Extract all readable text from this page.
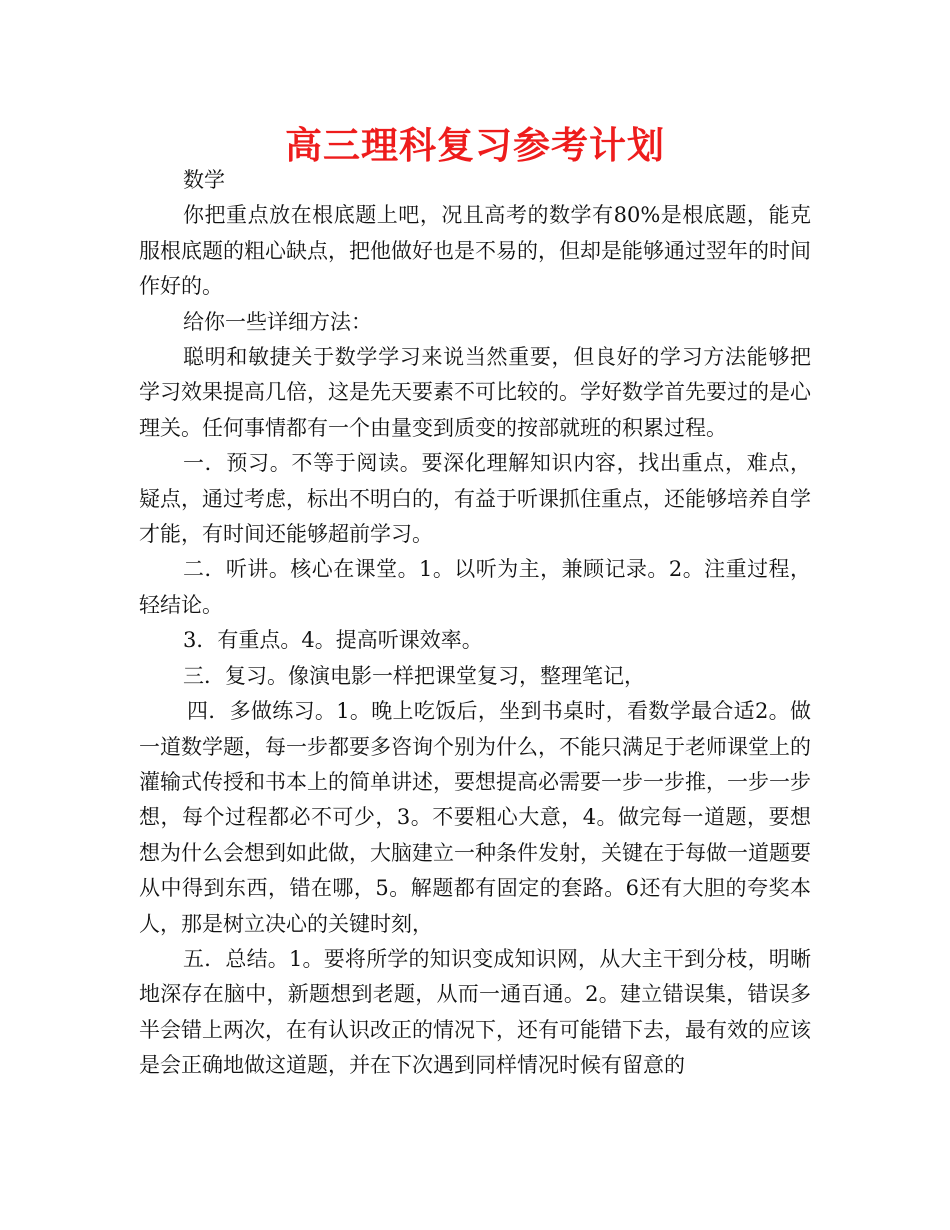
高三理科复习参考计划

数学

你把重点放在根底题上吧，况且高考的数学有80%是根底题，能克服根底题的粗心缺点，把他做好也是不易的，但却是能够通过翌年的时间作好的。

给你一些详细方法：

聪明和敏捷关于数学学习来说当然重要，但良好的学习方法能够把学习效果提高几倍，这是先天要素不可比较的。学好数学首先要过的是心理关。任何事情都有一个由量变到质变的按部就班的积累过程。

一．预习。不等于阅读。要深化理解知识内容，找出重点，难点，疑点，通过考虑，标出不明白的，有益于听课抓住重点，还能够培养自学才能，有时间还能够超前学习。

二．听讲。核心在课堂。1。以听为主，兼顾记录。2。注重过程，轻结论。

3．有重点。4。提高听课效率。

三．复习。像演电影一样把课堂复习，整理笔记，

四．多做练习。1。晚上吃饭后，坐到书桌时，看数学最合适2。做一道数学题，每一步都要多咨询个别为什么，不能只满足于老师课堂上的灌输式传授和书本上的简单讲述，要想提高必需要一步一步推，一步一步想，每个过程都必不可少，3。不要粗心大意，4。做完每一道题，要想想为什么会想到如此做，大脑建立一种条件发射，关键在于每做一道题要从中得到东西，错在哪，5。解题都有固定的套路。6还有大胆的夸奖本人，那是树立决心的关键时刻，

五．总结。1。要将所学的知识变成知识网，从大主干到分枝，明晰地深存在脑中，新题想到老题，从而一通百通。2。建立错误集，错误多半会错上两次，在有认识改正的情况下，还有可能错下去，最有效的应该是会正确地做这道题，并在下次遇到同样情况时候有留意的
